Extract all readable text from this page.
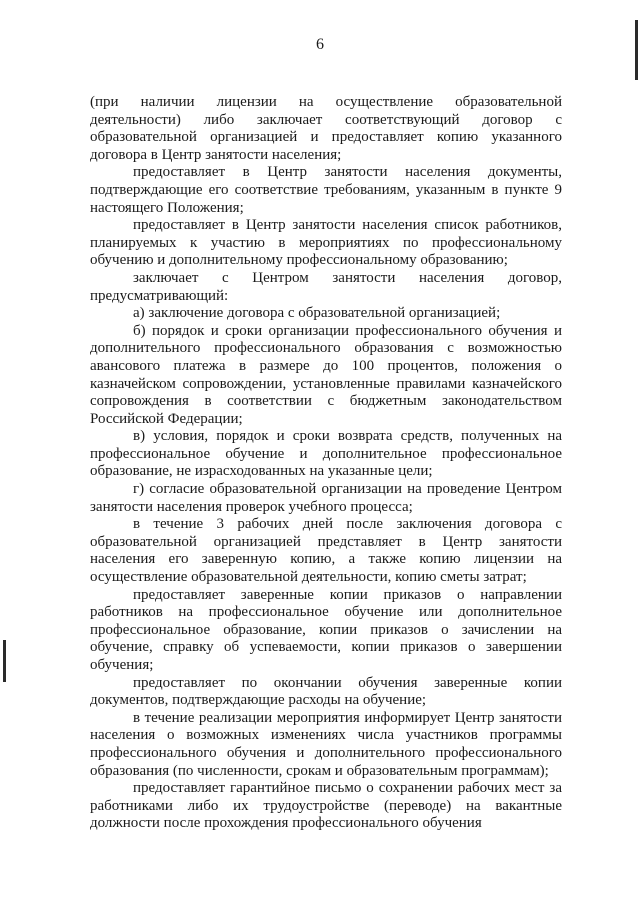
6

(при наличии лицензии на осуществление образовательной деятельности) либо заключает соответствующий договор с образовательной организацией и предоставляет копию указанного договора в Центр занятости населения;

предоставляет в Центр занятости населения документы, подтверждающие его соответствие требованиям, указанным в пункте 9 настоящего Положения;

предоставляет в Центр занятости населения список работников, планируемых к участию в мероприятиях по профессиональному обучению и дополнительному профессиональному образованию;

заключает с Центром занятости населения договор, предусматривающий:

а) заключение договора с образовательной организацией;

б) порядок и сроки организации профессионального обучения и дополнительного профессионального образования с возможностью авансового платежа в размере до 100 процентов, положения о казначейском сопровождении, установленные правилами казначейского сопровождения в соответствии с бюджетным законодательством Российской Федерации;

в) условия, порядок и сроки возврата средств, полученных на профессиональное обучение и дополнительное профессиональное образование, не израсходованных на указанные цели;

г) согласие образовательной организации на проведение Центром занятости населения проверок учебного процесса;

в течение 3 рабочих дней после заключения договора с образовательной организацией представляет в Центр занятости населения его заверенную копию, а также копию лицензии на осуществление образовательной деятельности, копию сметы затрат;

предоставляет заверенные копии приказов о направлении работников на профессиональное обучение или дополнительное профессиональное образование, копии приказов о зачислении на обучение, справку об успеваемости, копии приказов о завершении обучения;

предоставляет по окончании обучения заверенные копии документов, подтверждающие расходы на обучение;

в течение реализации мероприятия информирует Центр занятости населения о возможных изменениях числа участников программы профессионального обучения и дополнительного профессионального образования (по численности, срокам и образовательным программам);

предоставляет гарантийное письмо о сохранении рабочих мест за работниками либо их трудоустройстве (переводе) на вакантные должности после прохождения профессионального обучения
